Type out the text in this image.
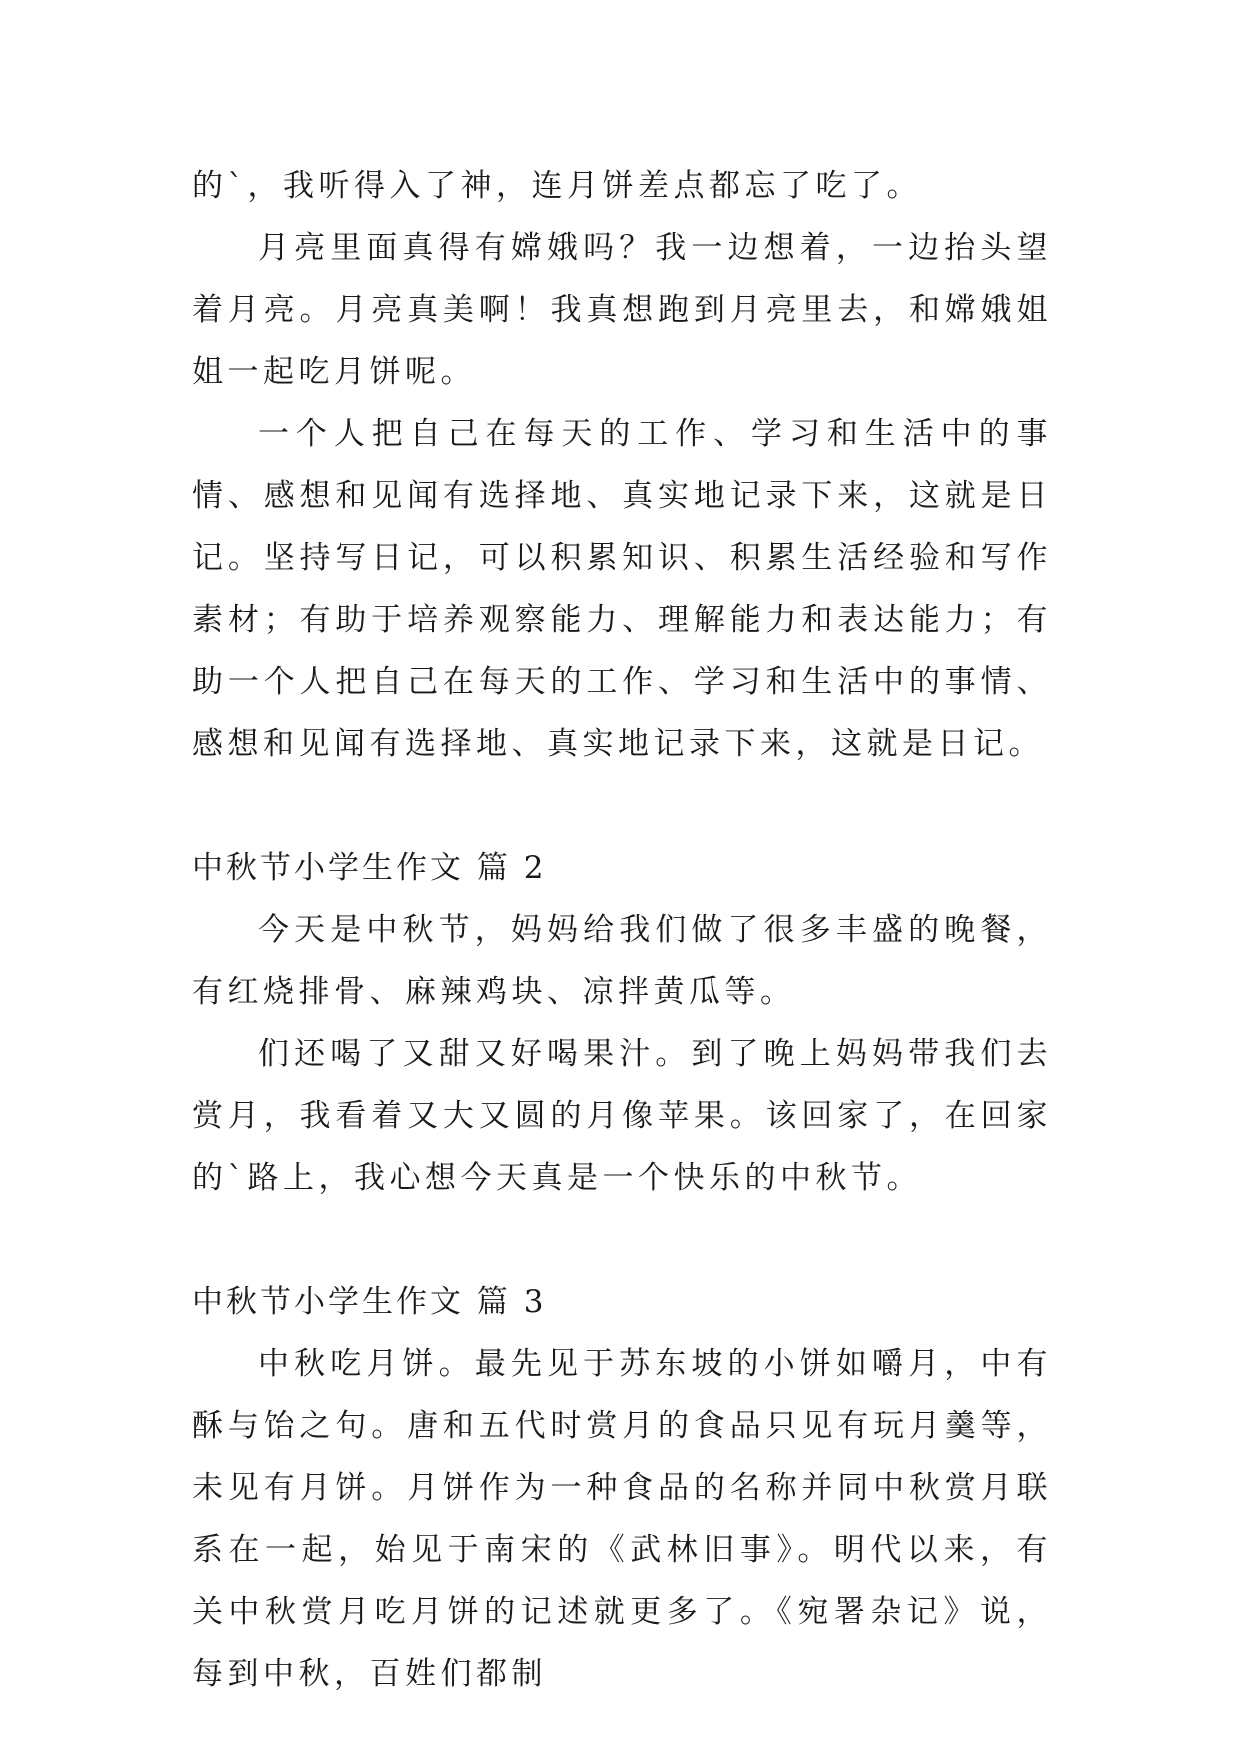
的`，我听得入了神，连月饼差点都忘了吃了。

月亮里面真得有嫦娥吗？我一边想着，一边抬头望着月亮。月亮真美啊！我真想跑到月亮里去，和嫦娥姐姐一起吃月饼呢。

一个人把自己在每天的工作、学习和生活中的事情、感想和见闻有选择地、真实地记录下来，这就是日记。坚持写日记，可以积累知识、积累生活经验和写作素材；有助于培养观察能力、理解能力和表达能力；有助一个人把自己在每天的工作、学习和生活中的事情、感想和见闻有选择地、真实地记录下来，这就是日记。

中秋节小学生作文 篇 2

今天是中秋节，妈妈给我们做了很多丰盛的晚餐，有红烧排骨、麻辣鸡块、凉拌黄瓜等。

们还喝了又甜又好喝果汁。到了晚上妈妈带我们去赏月，我看着又大又圆的月像苹果。该回家了，在回家的`路上，我心想今天真是一个快乐的中秋节。

中秋节小学生作文 篇 3

中秋吃月饼。最先见于苏东坡的小饼如嚼月，中有酥与饴之句。唐和五代时赏月的食品只见有玩月羹等，未见有月饼。月饼作为一种食品的名称并同中秋赏月联系在一起，始见于南宋的《武林旧事》。明代以来，有关中秋赏月吃月饼的记述就更多了。《宛署杂记》说，每到中秋，百姓们都制
